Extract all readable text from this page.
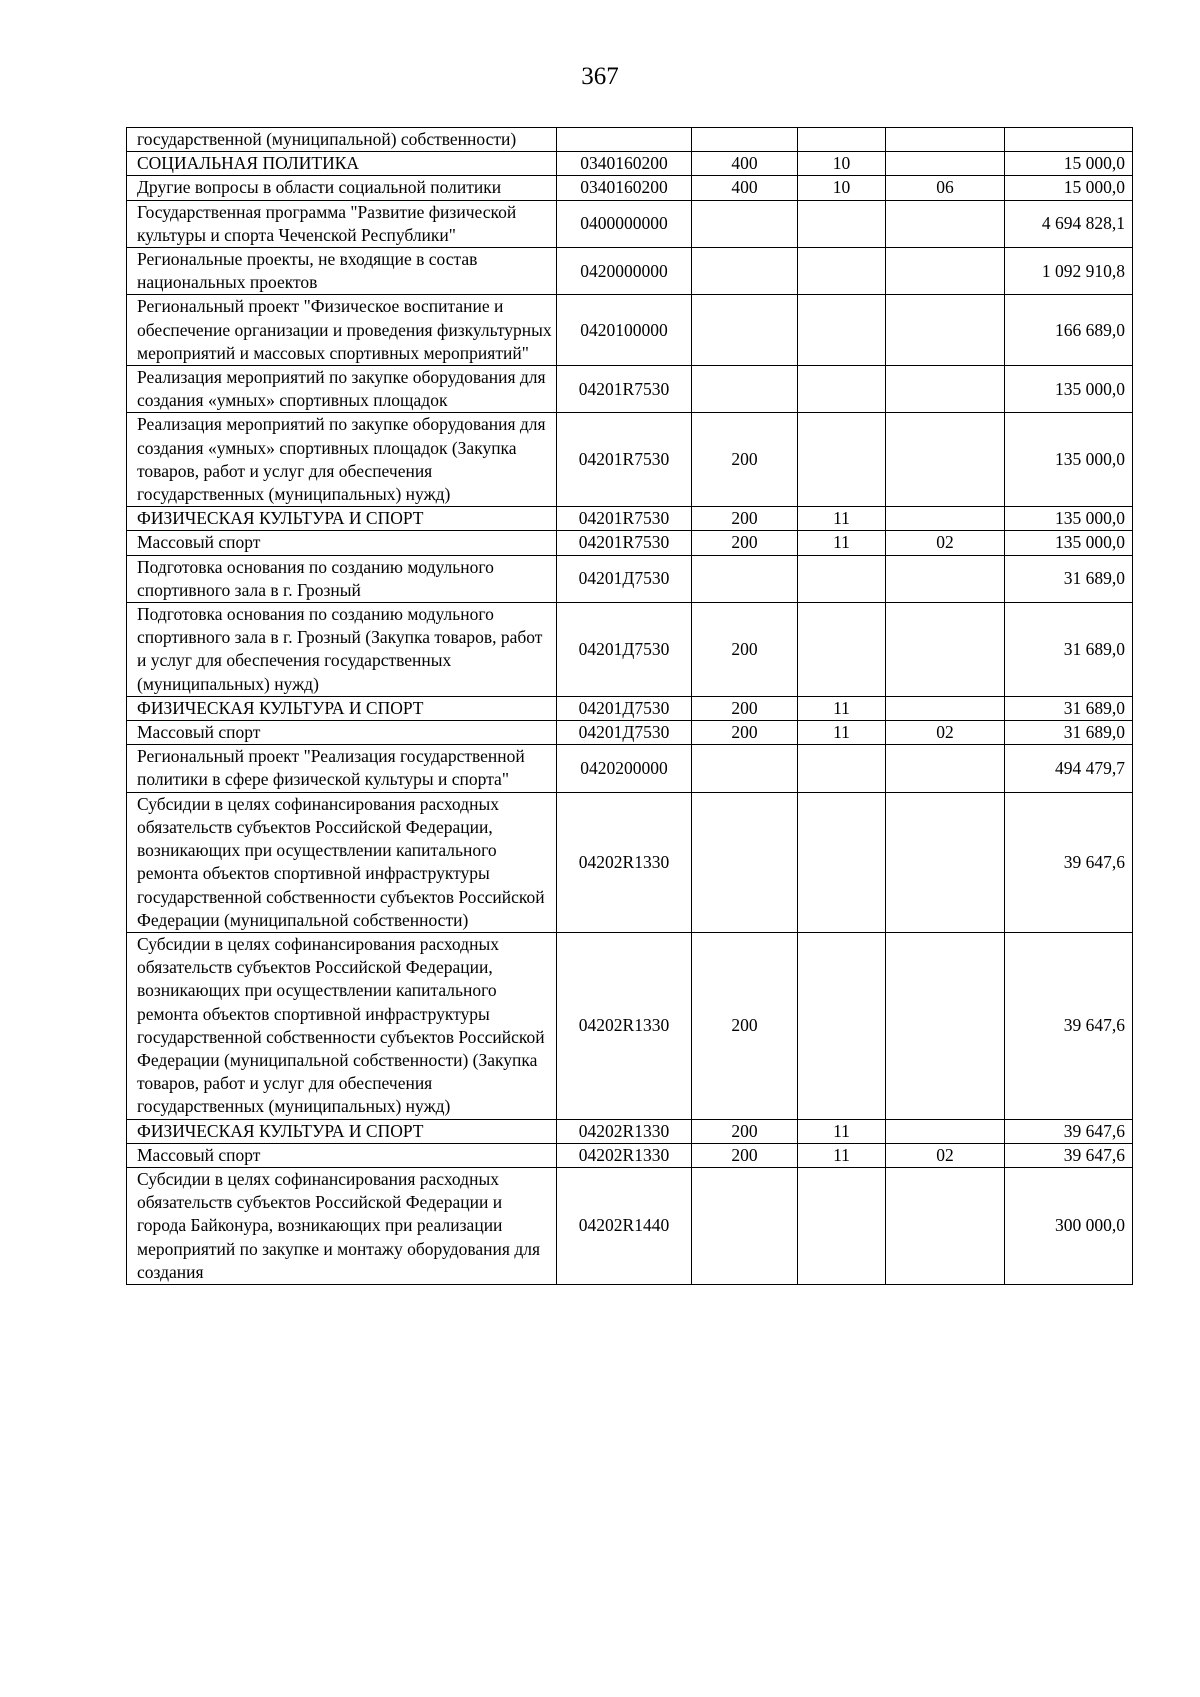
367
государственной (муниципальной) собственности)					
СОЦИАЛЬНАЯ ПОЛИТИКА	0340160200	400	10		15 000,0
Другие вопросы в области социальной политики	0340160200	400	10	06	15 000,0
Государственная программа "Развитие физической культуры и спорта Чеченской Республики"	0400000000				4 694 828,1
Региональные проекты, не входящие в состав национальных проектов	0420000000				1 092 910,8
Региональный проект "Физическое воспитание и обеспечение организации и проведения физкультурных мероприятий и массовых спортивных мероприятий"	0420100000				166 689,0
Реализация мероприятий по закупке оборудования для создания «умных» спортивных площадок	04201R7530				135 000,0
Реализация мероприятий по закупке оборудования для создания «умных» спортивных площадок (Закупка товаров, работ и услуг для обеспечения государственных (муниципальных) нужд)	04201R7530	200			135 000,0
ФИЗИЧЕСКАЯ КУЛЬТУРА И СПОРТ	04201R7530	200	11		135 000,0
Массовый спорт	04201R7530	200	11	02	135 000,0
Подготовка основания по созданию модульного спортивного зала в г. Грозный	04201Д7530				31 689,0
Подготовка основания по созданию модульного спортивного зала в г. Грозный (Закупка товаров, работ и услуг для обеспечения государственных (муниципальных) нужд)	04201Д7530	200			31 689,0
ФИЗИЧЕСКАЯ КУЛЬТУРА И СПОРТ	04201Д7530	200	11		31 689,0
Массовый спорт	04201Д7530	200	11	02	31 689,0
Региональный проект "Реализация государственной политики в сфере физической культуры и спорта"	0420200000				494 479,7
Субсидии в целях софинансирования расходных обязательств субъектов Российской Федерации, возникающих при осуществлении капитального ремонта объектов спортивной инфраструктуры государственной собственности субъектов Российской Федерации (муниципальной собственности)	04202R1330				39 647,6
Субсидии в целях софинансирования расходных обязательств субъектов Российской Федерации, возникающих при осуществлении капитального ремонта объектов спортивной инфраструктуры государственной собственности субъектов Российской Федерации (муниципальной собственности) (Закупка товаров, работ и услуг для обеспечения государственных (муниципальных) нужд)	04202R1330	200			39 647,6
ФИЗИЧЕСКАЯ КУЛЬТУРА И СПОРТ	04202R1330	200	11		39 647,6
Массовый спорт	04202R1330	200	11	02	39 647,6
Субсидии в целях софинансирования расходных обязательств субъектов Российской Федерации и города Байконура, возникающих при реализации мероприятий по закупке и монтажу оборудования для создания	04202R1440				300 000,0
